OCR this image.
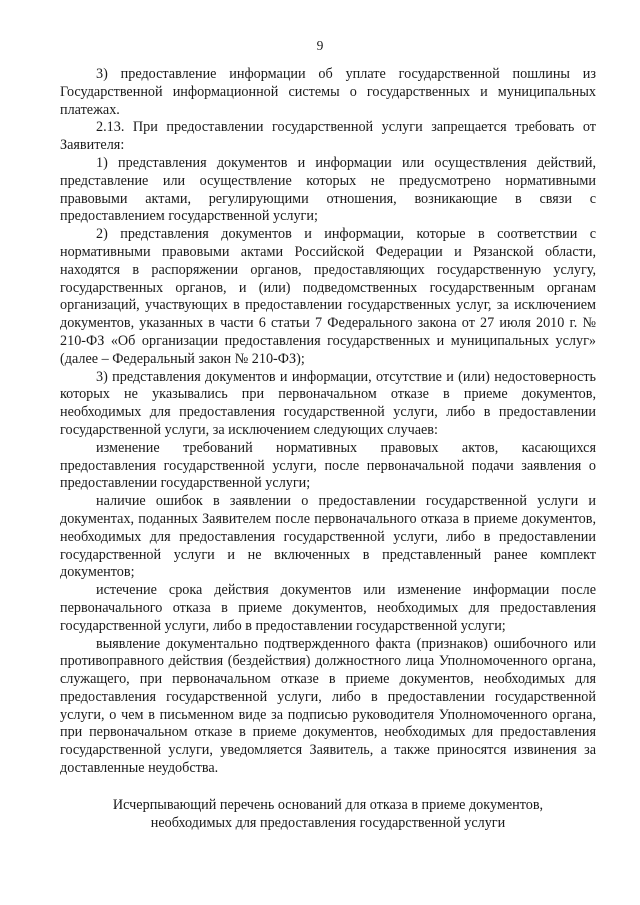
9

3) предоставление информации об уплате государственной пошлины из Государственной информационной системы о государственных и муниципальных платежах.

2.13. При предоставлении государственной услуги запрещается требовать от Заявителя:

1) представления документов и информации или осуществления действий, представление или осуществление которых не предусмотрено нормативными правовыми актами, регулирующими отношения, возникающие в связи с предоставлением государственной услуги;

2) представления документов и информации, которые в соответствии с нормативными правовыми актами Российской Федерации и Рязанской области, находятся в распоряжении органов, предоставляющих государственную услугу, государственных органов, и (или) подведомственных государственным органам организаций, участвующих в предоставлении государственных услуг, за исключением документов, указанных в части 6 статьи 7 Федерального закона от 27 июля 2010 г. № 210-ФЗ «Об организации предоставления государственных и муниципальных услуг» (далее – Федеральный закон № 210-ФЗ);

3) представления документов и информации, отсутствие и (или) недостоверность которых не указывались при первоначальном отказе в приеме документов, необходимых для предоставления государственной услуги, либо в предоставлении государственной услуги, за исключением следующих случаев:

изменение требований нормативных правовых актов, касающихся предоставления государственной услуги, после первоначальной подачи заявления о предоставлении государственной услуги;

наличие ошибок в заявлении о предоставлении государственной услуги и документах, поданных Заявителем после первоначального отказа в приеме документов, необходимых для предоставления государственной услуги, либо в предоставлении государственной услуги и не включенных в представленный ранее комплект документов;

истечение срока действия документов или изменение информации после первоначального отказа в приеме документов, необходимых для предоставления государственной услуги, либо в предоставлении государственной услуги;

выявление документально подтвержденного факта (признаков) ошибочного или противоправного действия (бездействия) должностного лица Уполномоченного органа, служащего, при первоначальном отказе в приеме документов, необходимых для предоставления государственной услуги, либо в предоставлении государственной услуги, о чем в письменном виде за подписью руководителя Уполномоченного органа, при первоначальном отказе в приеме документов, необходимых для предоставления государственной услуги, уведомляется Заявитель, а также приносятся извинения за доставленные неудобства.

Исчерпывающий перечень оснований для отказа в приеме документов,
необходимых для предоставления государственной услуги
